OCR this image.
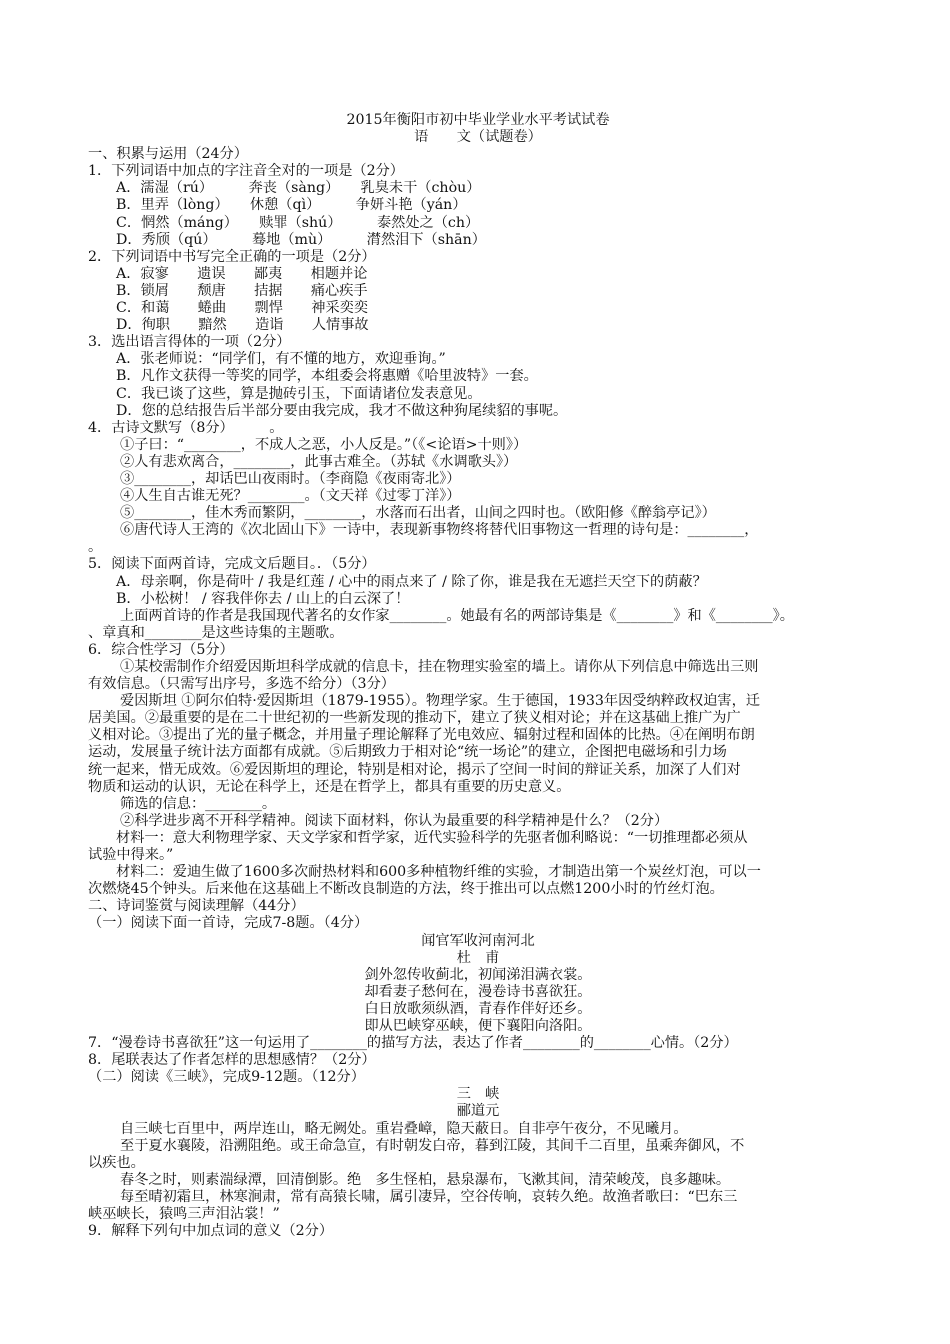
2015年衡阳市初中毕业学业水平考试试卷
语　　文（试题卷）
一、积累与运用（24分）
1．下列词语中加点的字注音全对的一项是（2分）
A．濡湿（rú）　　　奔丧（sàng）　　乳臭未干（chòu）
B．里弄（lòng）　　休憩（qì）　　　争妍斗艳（yán）
C．惘然（máng）　　赎罪（shú）　　　泰然处之（ch）
D．秀颀（qú）　　　蓦地（mù）　　　潸然泪下（shān）
2．下列词语中书写完全正确的一项是（2分）
A．寂寥　　遗误　　鄙夷　　相题并论
B．锁屑　　颓唐　　拮据　　痛心疾手
C．和蔼　　蜷曲　　剽悍　　神采奕奕
D．徇职　　黯然　　造诣　　人情事故
3．选出语言得体的一项（2分）
A．张老师说：“同学们，有不懂的地方，欢迎垂询。”
B．凡作文获得一等奖的同学，本组委会将惠赠《哈里波特》一套。
C．我已谈了这些，算是抛砖引玉，下面请诸位发表意见。
D．您的总结报告后半部分要由我完成，我才不做这种狗尾续貂的事呢。
4．古诗文默写（8分）　　　。
①子曰：“________，不成人之恶，小人反是。”（《<论语>十则》）
②人有悲欢离合，________，此事古难全。（苏轼《水调歌头》）
③________，却话巴山夜雨时。（李商隐《夜雨寄北》）
④人生自古谁无死？________。（文天祥《过零丁洋》）
⑤________，佳木秀而繁阴，________，水落而石出者，山间之四时也。（欧阳修《醉翁亭记》）
⑥唐代诗人王湾的《次北固山下》一诗中，表现新事物终将替代旧事物这一哲理的诗句是：________，
。
5．阅读下面两首诗，完成文后题目。．（5分）
A．母亲啊，你是荷叶 / 我是红莲 / 心中的雨点来了 / 除了你，谁是我在无遮拦天空下的荫蔽？
B．小松树！ / 容我伴你去 / 山上的白云深了！
上面两首诗的作者是我国现代著名的女作家________。她最有名的两部诗集是《________》和《________》。
、章真和________是这些诗集的主题歌。
6．综合性学习（5分）
①某校需制作介绍爱因斯坦科学成就的信息卡，挂在物理实验室的墙上。请你从下列信息中筛选出三则
有效信息。（只需写出序号，多选不给分）（3分）
爱因斯坦 ①阿尔伯特·爱因斯坦（1879-1955）。物理学家。生于德国，1933年因受纳粹政权迫害，迁
居美国。②最重要的是在二十世纪初的一些新发现的推动下，建立了狭义相对论；并在这基础上推广为广
义相对论。③提出了光的量子概念，并用量子理论解释了光电效应、辐射过程和固体的比热。④在阐明布朗
运动，发展量子统计法方面都有成就。⑤后期致力于相对论“统一场论”的建立，企图把电磁场和引力场
统一起来，惜无成效。⑥爱因斯坦的理论，特别是相对论，揭示了空间一时间的辩证关系，加深了人们对
物质和运动的认识，无论在科学上，还是在哲学上，都具有重要的历史意义。
筛选的信息：________。
②科学进步离不开科学精神。阅读下面材料，你认为最重要的科学精神是什么？（2分）
材料一：意大利物理学家、天文学家和哲学家，近代实验科学的先驱者伽利略说：“一切推理都必须从
试验中得来。”
材料二：爱迪生做了1600多次耐热材料和600多种植物纤维的实验，才制造出第一个炭丝灯泡，可以一
次燃烧45个钟头。后来他在这基础上不断改良制造的方法，终于推出可以点燃1200小时的竹丝灯泡。
二、诗词鉴赏与阅读理解（44分）
（一）阅读下面一首诗，完成7-8题。（4分）
闻官军收河南河北
杜　甫
剑外忽传收蓟北，初闻涕泪满衣裳。
却看妻子愁何在，漫卷诗书喜欲狂。
白日放歌须纵酒，青春作伴好还乡。
即从巴峡穿巫峡，便下襄阳向洛阳。
7．“漫卷诗书喜欲狂”这一句运用了________的描写方法，表达了作者________的________心情。（2分）
8．尾联表达了作者怎样的思想感情？（2分）
（二）阅读《三峡》，完成9-12题。（12分）
三　峡
郦道元
自三峡七百里中，两岸连山，略无阙处。重岩叠嶂，隐天蔽日。自非亭午夜分，不见曦月。
至于夏水襄陵，沿溯阻绝。或王命急宣，有时朝发白帝，暮到江陵，其间千二百里，虽乘奔御风，不
以疾也。
春冬之时，则素湍绿潭，回清倒影。绝　多生怪柏，悬泉瀑布，飞漱其间，清荣峻茂，良多趣味。
每至晴初霜旦，林寒涧肃，常有高猿长啸，属引凄异，空谷传响，哀转久绝。故渔者歌曰：“巴东三
峡巫峡长，猿鸣三声泪沾裳！”
9．解释下列句中加点词的意义（2分）
